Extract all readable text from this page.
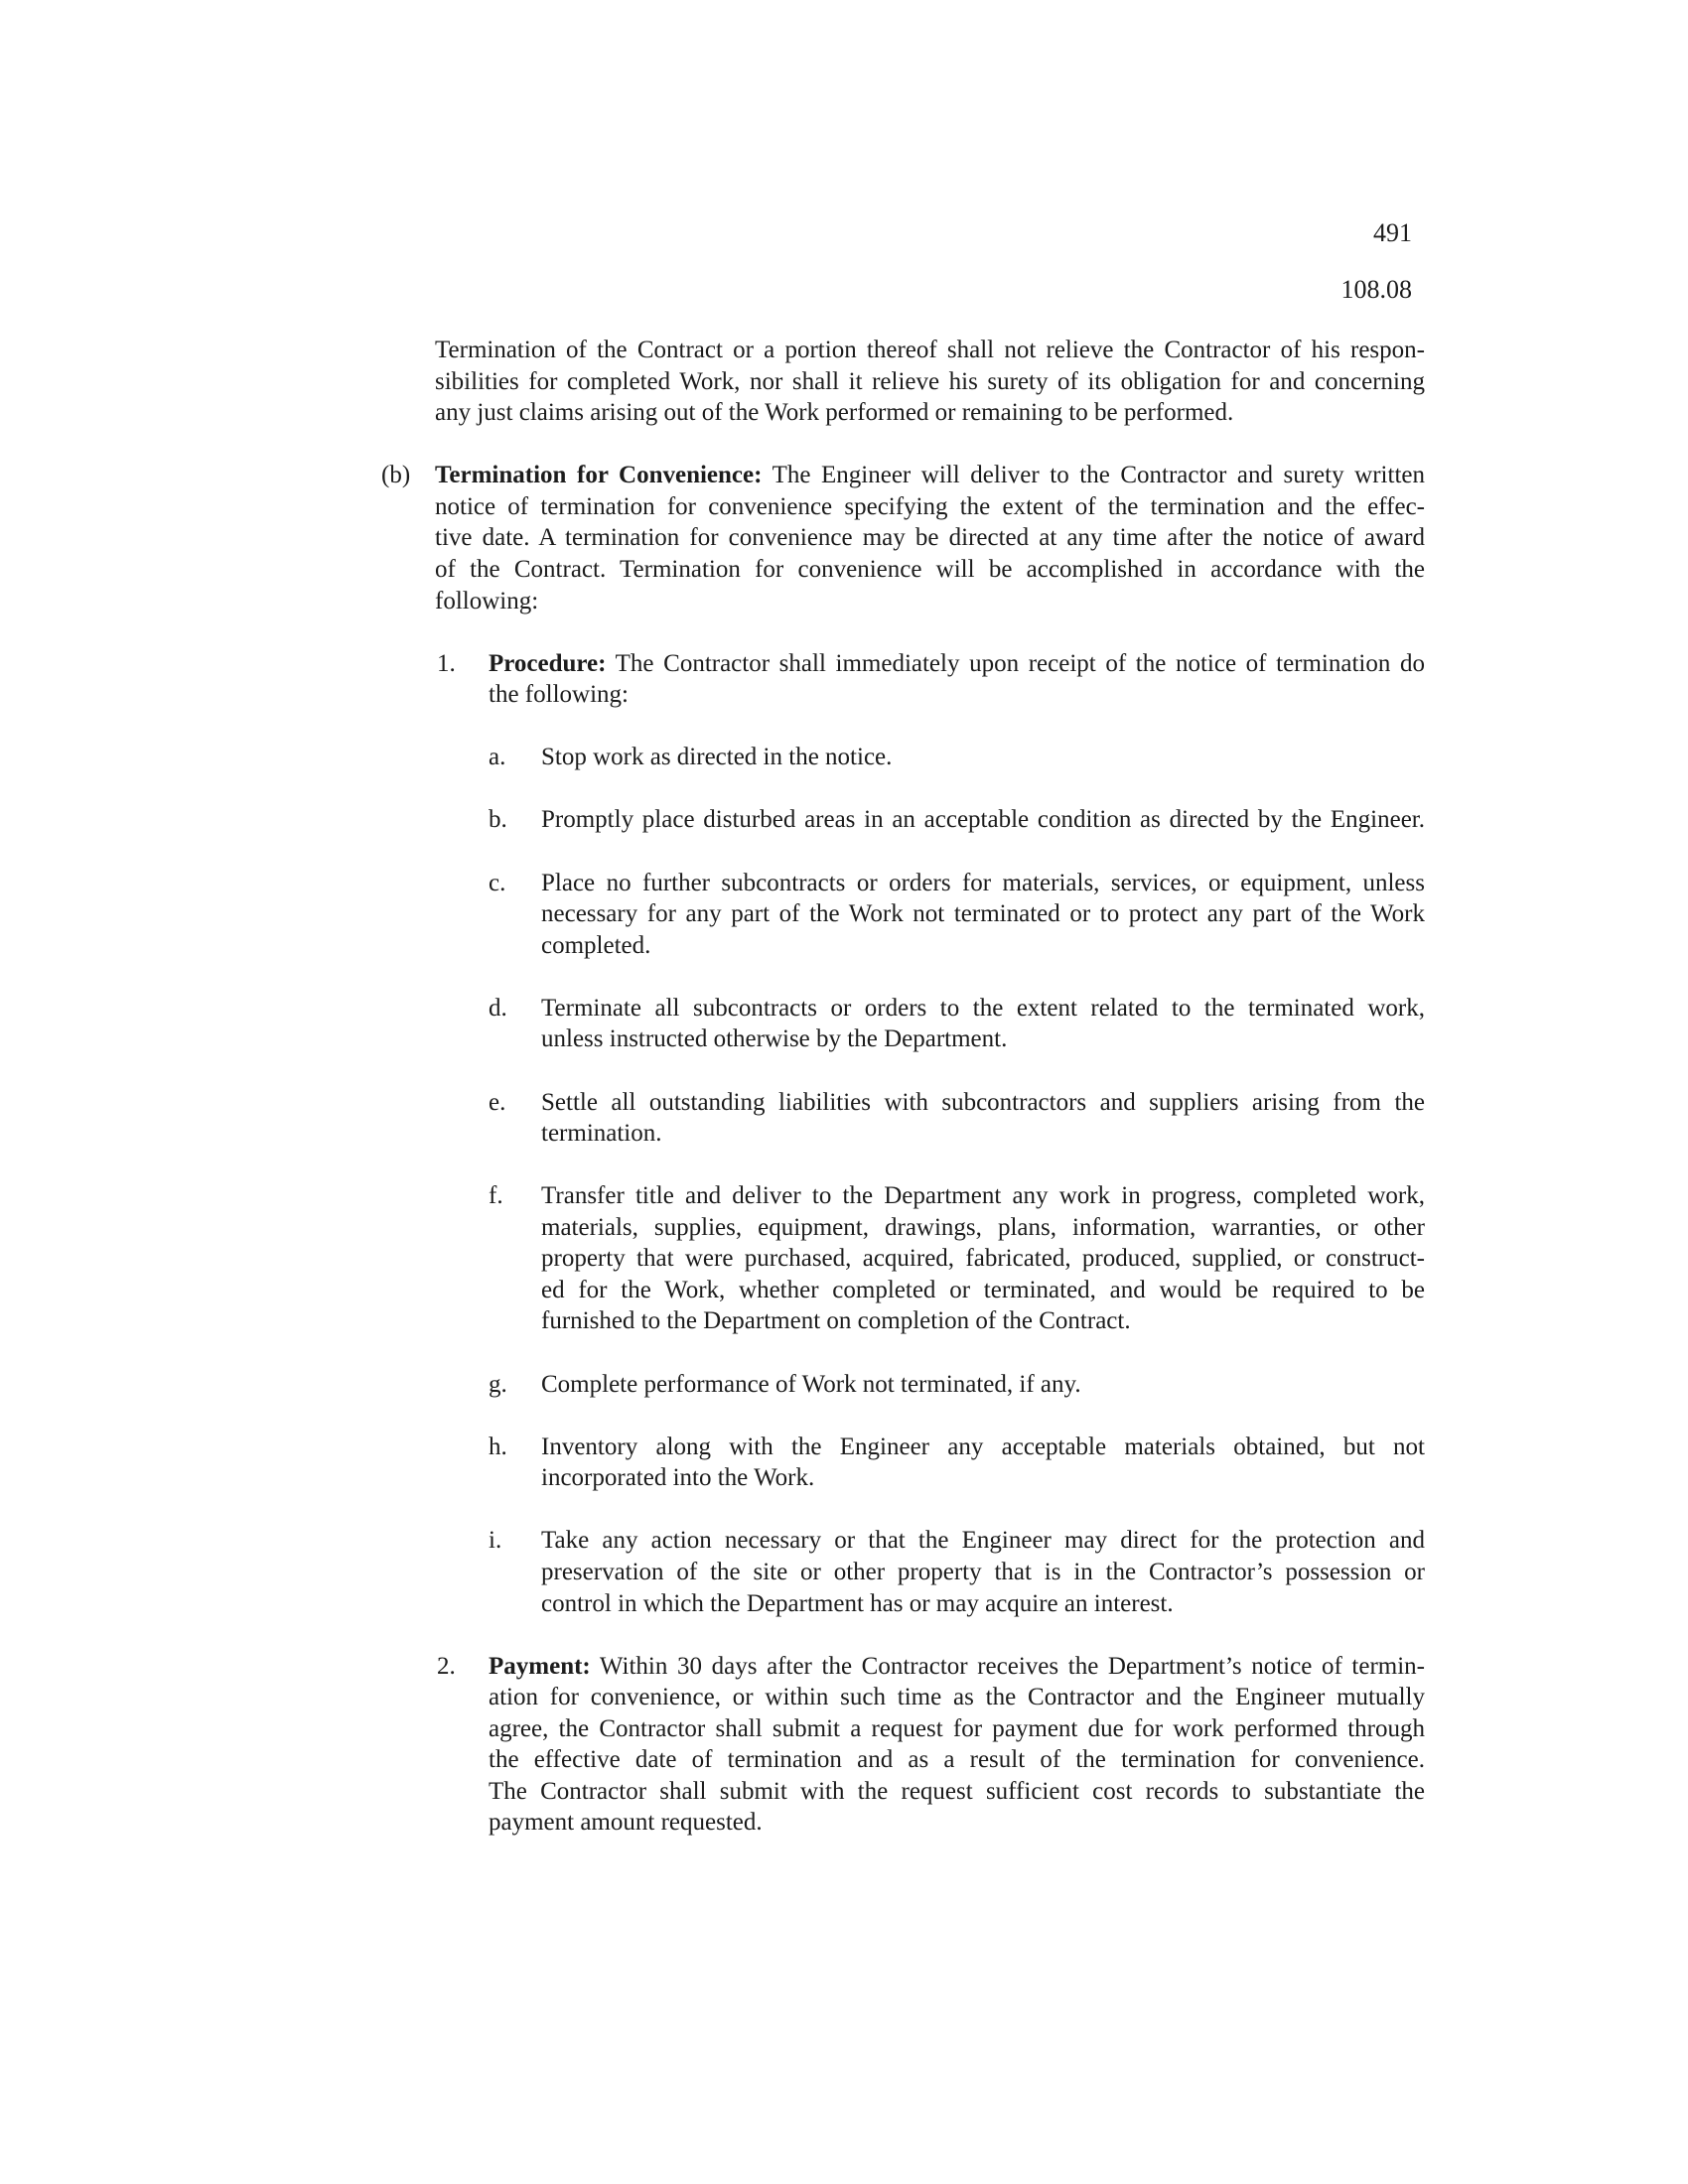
491
108.08
Termination of the Contract or a portion thereof shall not relieve the Contractor of his respon-
sibilities for completed Work, nor shall it relieve his surety of its obligation for and concerning
any just claims arising out of the Work performed or remaining to be performed.
(b) Termination for Convenience: The Engineer will deliver to the Contractor and surety written
notice of termination for convenience specifying the extent of the termination and the effec-
tive date. A termination for convenience may be directed at any time after the notice of award
of the Contract. Termination for convenience will be accomplished in accordance with the
following:
1. Procedure: The Contractor shall immediately upon receipt of the notice of termination do
the following:
a. Stop work as directed in the notice.
b. Promptly place disturbed areas in an acceptable condition as directed by the Engineer.
c. Place no further subcontracts or orders for materials, services, or equipment, unless
necessary for any part of the Work not terminated or to protect any part of the Work
completed.
d. Terminate all subcontracts or orders to the extent related to the terminated work,
unless instructed otherwise by the Department.
e. Settle all outstanding liabilities with subcontractors and suppliers arising from the
termination.
f. Transfer title and deliver to the Department any work in progress, completed work,
materials, supplies, equipment, drawings, plans, information, warranties, or other
property that were purchased, acquired, fabricated, produced, supplied, or construct-
ed for the Work, whether completed or terminated, and would be required to be
furnished to the Department on completion of the Contract.
g. Complete performance of Work not terminated, if any.
h. Inventory along with the Engineer any acceptable materials obtained, but not
incorporated into the Work.
i. Take any action necessary or that the Engineer may direct for the protection and
preservation of the site or other property that is in the Contractor’s possession or
control in which the Department has or may acquire an interest.
2. Payment: Within 30 days after the Contractor receives the Department’s notice of termin-
ation for convenience, or within such time as the Contractor and the Engineer mutually
agree, the Contractor shall submit a request for payment due for work performed through
the effective date of termination and as a result of the termination for convenience.
The Contractor shall submit with the request sufficient cost records to substantiate the
payment amount requested.
